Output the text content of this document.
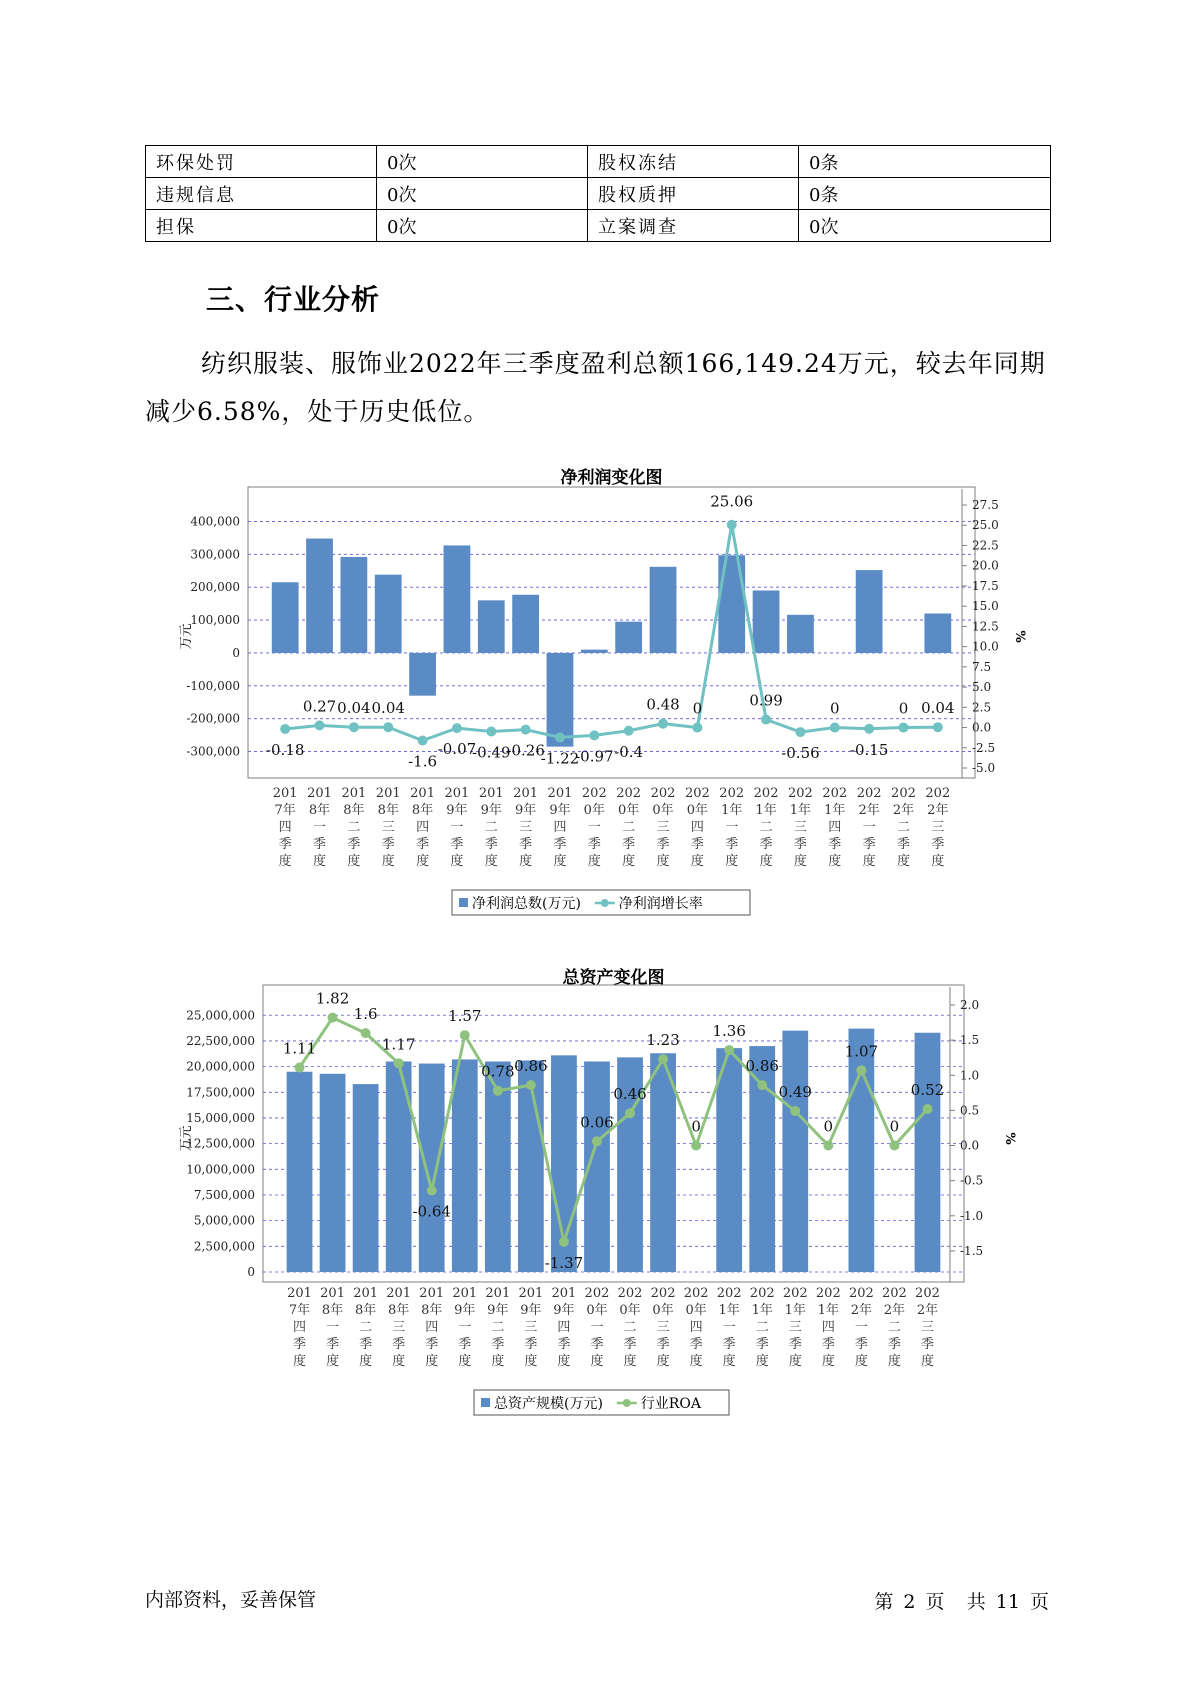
环保处罚	0次	股权冻结	0条
违规信息	0次	股权质押	0条
担保	0次	立案调查	0次
三、行业分析

纺织服装、服饰业2022年三季度盈利总额166,149.24万元，较去年同期减少6.58%，处于历史低位。

净利润变化图
-300,000
-200,000
-100,000
0
100,000
200,000
300,000
400,000
-5.0
-2.5
0.0
2.5
5.0
7.5
10.0
12.5
15.0
17.5
20.0
22.5
25.0
27.5
万元	%
-0.18
0.27 0.04 0.04
-1.6
-0.07
-0.49
-0.26
-1.22
-0.97 -0.4
0.48 0
25.06
0.99
-0.56
0
-0.15
0 0.04
201
7年
四
季
度
201
8年
一
季
度
201
8年
二
季
度
201
8年
三
季
度
201
8年
四
季
度
201
9年
一
季
度
201
9年
二
季
度
201
9年
三
季
度
201
9年
四
季
度
202
0年
一
季
度
202
0年
二
季
度
202
0年
三
季
度
202
0年
四
季
度
202
1年
一
季
度
202
1年
二
季
度
202
1年
三
季
度
202
1年
四
季
度
202
2年
一
季
度
202
2年
二
季
度
202
2年
三
季
度
净利润总数(万元)	净利润增长率
总资产变化图
0
2,500,000
5,000,000
7,500,000
10,000,000
12,500,000
15,000,000
17,500,000
20,000,000
22,500,000
25,000,000
-1.5
-1.0
-0.5
0.0
0.5
1.0
1.5
2.0
万元	%
1.11
1.82
1.6
1.17
-0.64
1.57
0.78 0.86
-1.37
0.06
0.46
1.23
0
1.36
0.86
0.49
0
1.07
0
0.52
201
7年
四
季
度
201
8年
一
季
度
201
8年
二
季
度
201
8年
三
季
度
201
8年
四
季
度
201
9年
一
季
度
201
9年
二
季
度
201
9年
三
季
度
201
9年
四
季
度
202
0年
一
季
度
202
0年
二
季
度
202
0年
三
季
度
202
0年
四
季
度
202
1年
一
季
度
202
1年
二
季
度
202
1年
三
季
度
202
1年
四
季
度
202
2年
一
季
度
202
2年
二
季
度
202
2年
三
季
度
总资产规模(万元)	行业ROA
内部资料，妥善保管	第 2 页 共 11 页
